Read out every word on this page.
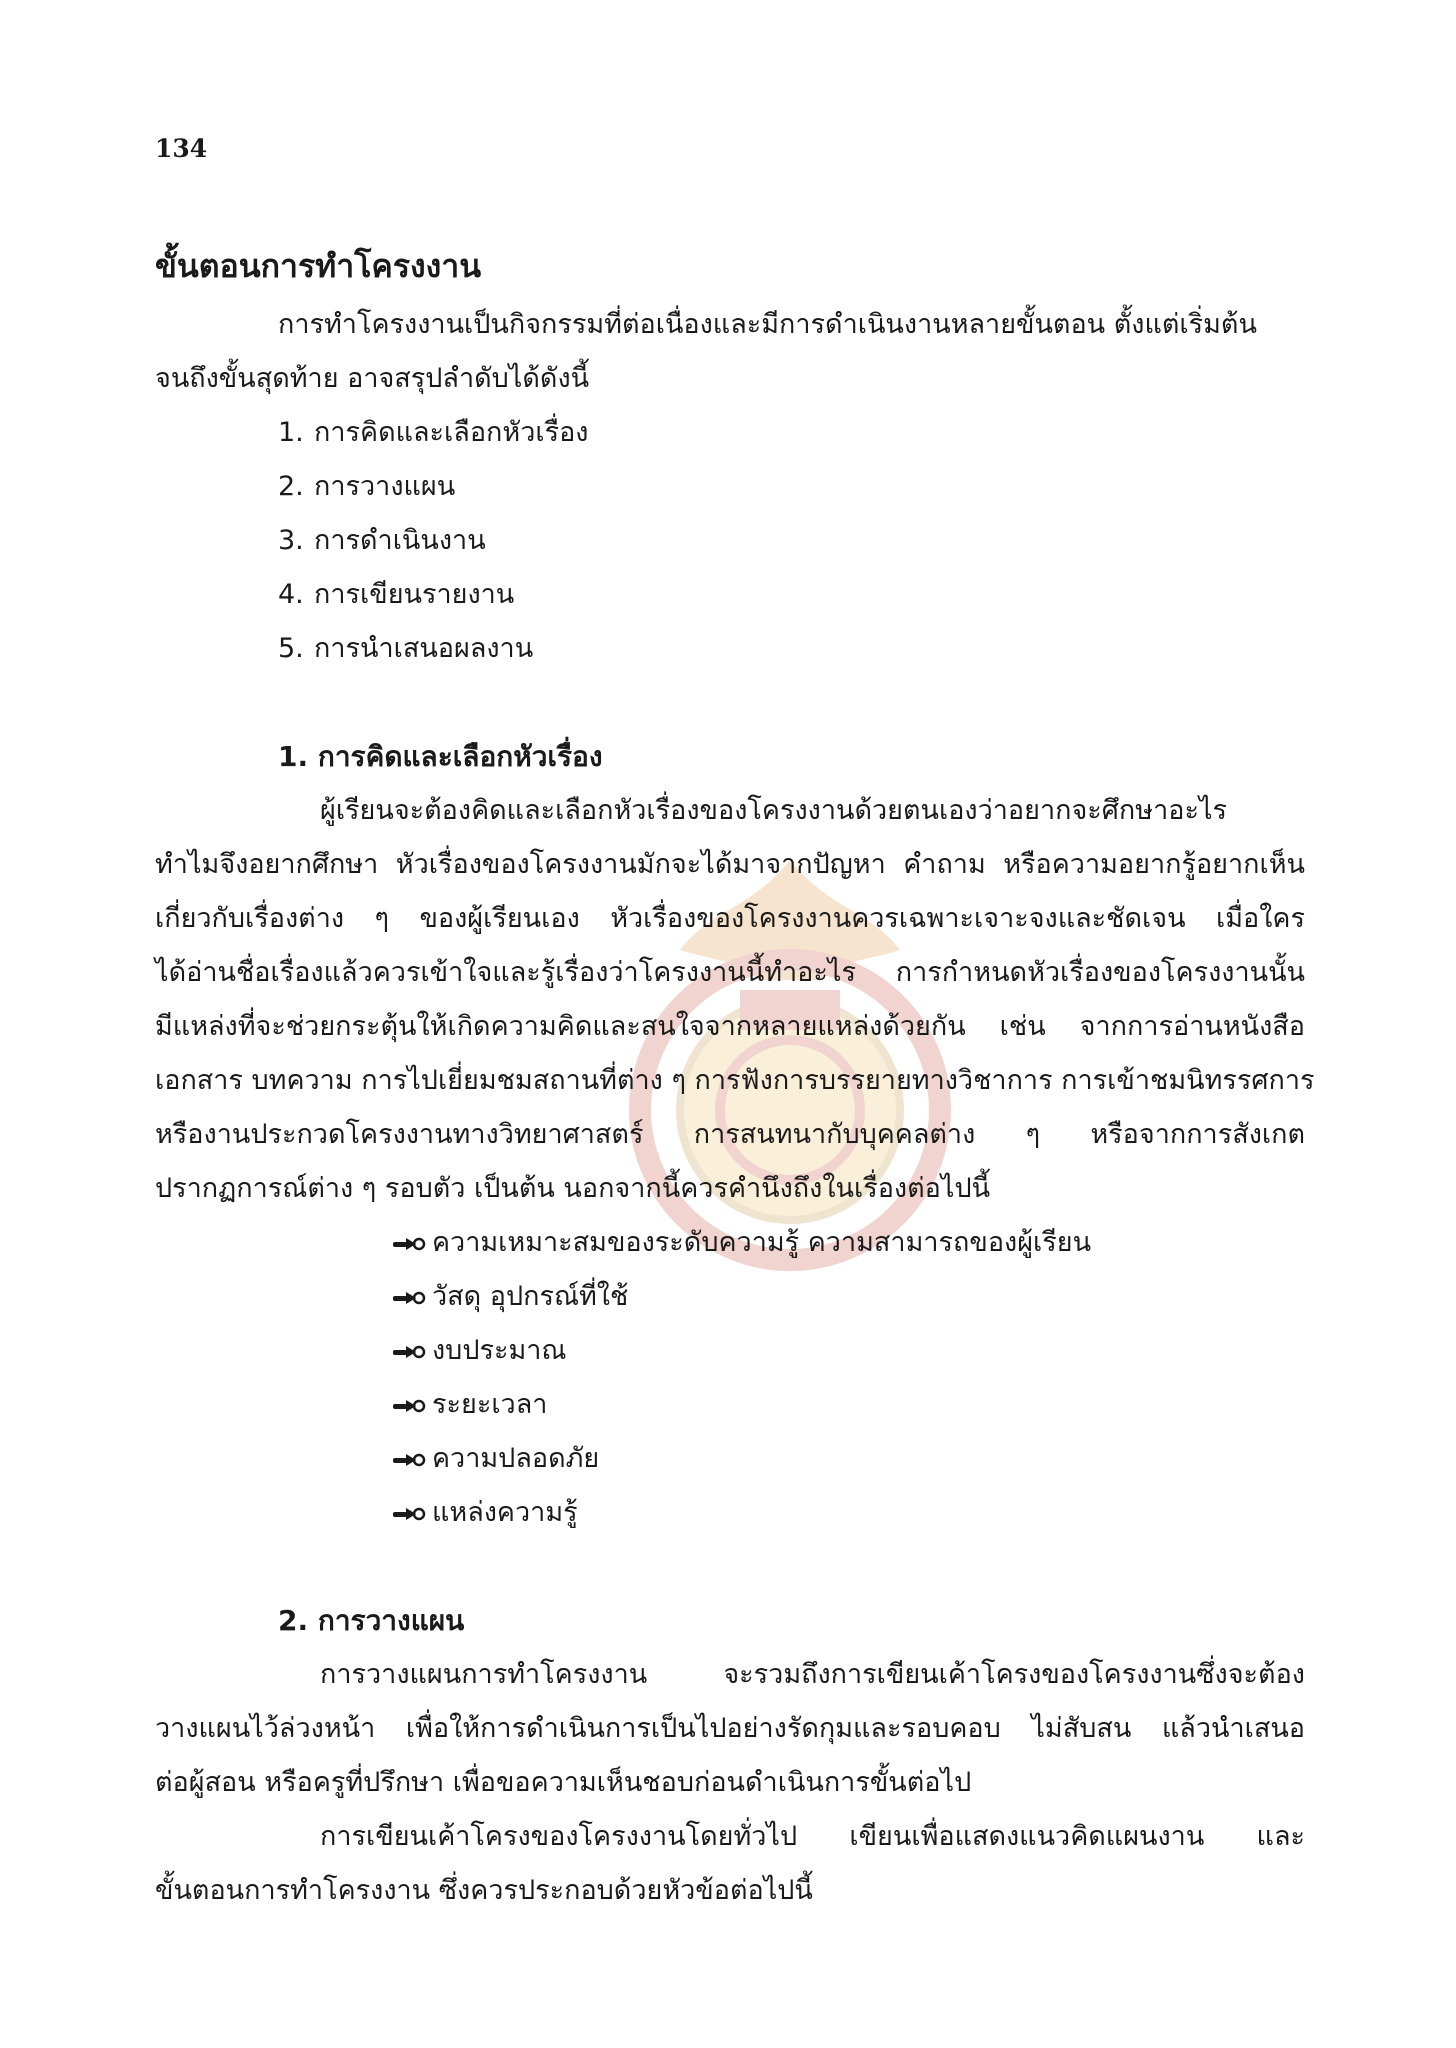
134
ขั้นตอนการทำโครงงาน
การทำโครงงานเป็นกิจกรรมที่ต่อเนื่องและมีการดำเนินงานหลายขั้นตอน ตั้งแต่เริ่มต้น
จนถึงขั้นสุดท้าย อาจสรุปลำดับได้ดังนี้
1. การคิดและเลือกหัวเรื่อง
2. การวางแผน
3. การดำเนินงาน
4. การเขียนรายงาน
5. การนำเสนอผลงาน
1. การคิดและเลือกหัวเรื่อง
ผู้เรียนจะต้องคิดและเลือกหัวเรื่องของโครงงานด้วยตนเองว่าอยากจะศึกษาอะไร
ทำไมจึงอยากศึกษา หัวเรื่องของโครงงานมักจะได้มาจากปัญหา คำถาม หรือความอยากรู้อยากเห็น
เกี่ยวกับเรื่องต่าง ๆ ของผู้เรียนเอง หัวเรื่องของโครงงานควรเฉพาะเจาะจงและชัดเจน เมื่อใคร
ได้อ่านชื่อเรื่องแล้วควรเข้าใจและรู้เรื่องว่าโครงงานนี้ทำอะไร การกำหนดหัวเรื่องของโครงงานนั้น
มีแหล่งที่จะช่วยกระตุ้นให้เกิดความคิดและสนใจจากหลายแหล่งด้วยกัน เช่น จากการอ่านหนังสือ
เอกสาร บทความ การไปเยี่ยมชมสถานที่ต่าง ๆ การฟังการบรรยายทางวิชาการ การเข้าชมนิทรรศการ
หรืองานประกวดโครงงานทางวิทยาศาสตร์ การสนทนากับบุคคลต่าง ๆ หรือจากการสังเกต
ปรากฏการณ์ต่าง ๆ รอบตัว เป็นต้น นอกจากนี้ควรคำนึงถึงในเรื่องต่อไปนี้
ความเหมาะสมของระดับความรู้ ความสามารถของผู้เรียน
วัสดุ อุปกรณ์ที่ใช้
งบประมาณ
ระยะเวลา
ความปลอดภัย
แหล่งความรู้
2. การวางแผน
การวางแผนการทำโครงงาน จะรวมถึงการเขียนเค้าโครงของโครงงานซึ่งจะต้อง
วางแผนไว้ล่วงหน้า เพื่อให้การดำเนินการเป็นไปอย่างรัดกุมและรอบคอบ ไม่สับสน แล้วนำเสนอ
ต่อผู้สอน หรือครูที่ปรึกษา เพื่อขอความเห็นชอบก่อนดำเนินการขั้นต่อไป
การเขียนเค้าโครงของโครงงานโดยทั่วไป เขียนเพื่อแสดงแนวคิดแผนงาน และ
ขั้นตอนการทำโครงงาน ซึ่งควรประกอบด้วยหัวข้อต่อไปนี้
